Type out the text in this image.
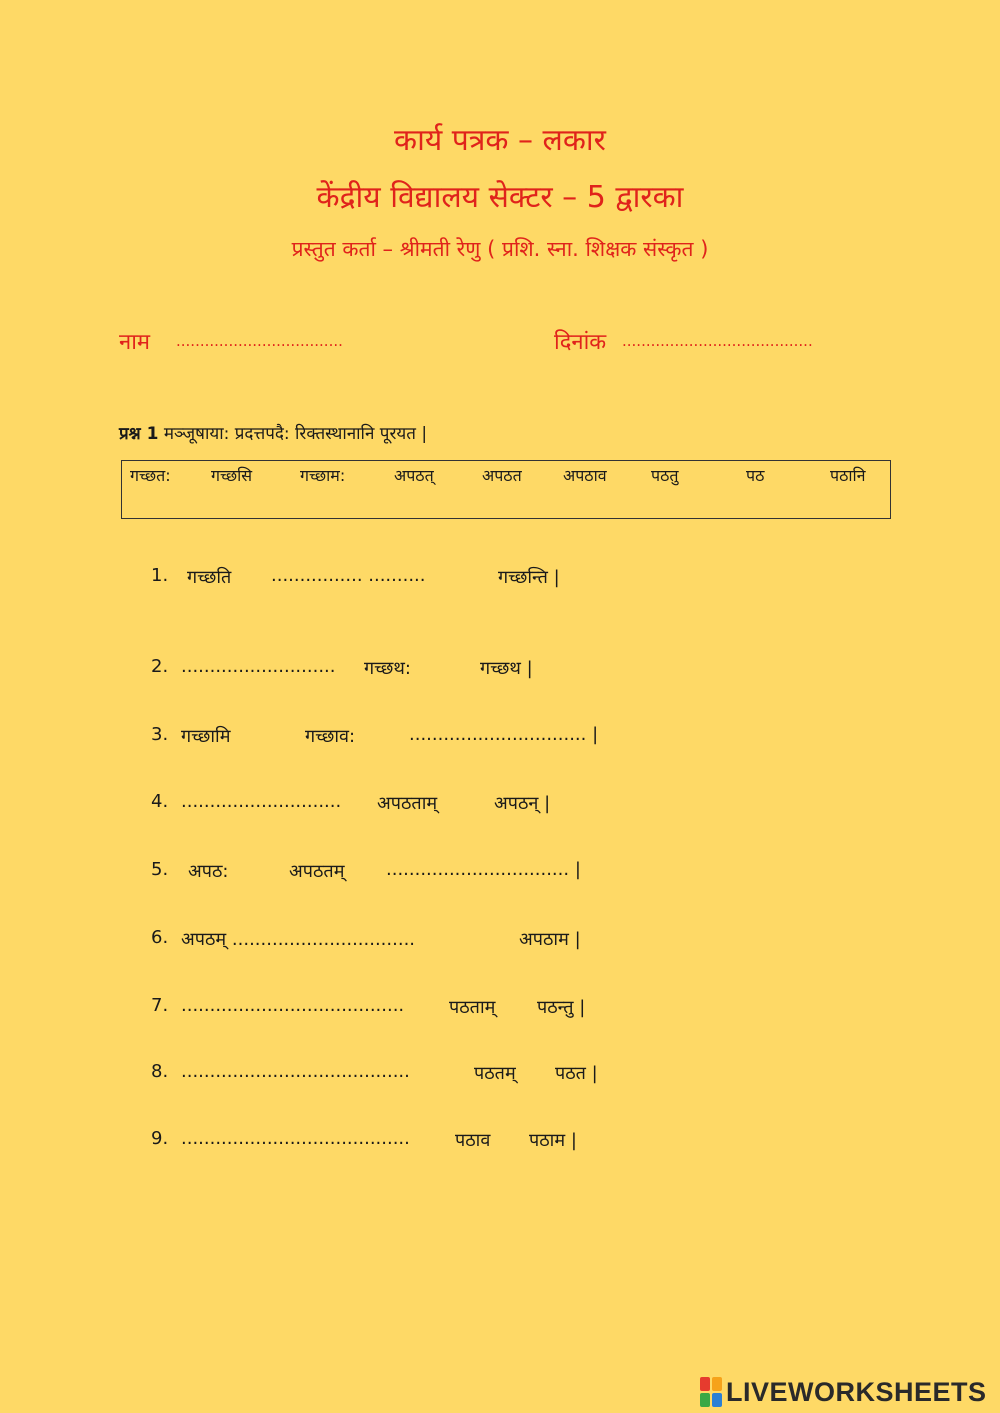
कार्य पत्रक – लकार
केंद्रीय विद्यालय सेक्टर – 5 द्वारका
प्रस्तुत कर्ता – श्रीमती रेणु ( प्रशि. स्ना. शिक्षक संस्कृत )
नाम ...................................	दिनांक ........................................
प्रश्न 1 मञ्जूषाया: प्रदत्तपदै: रिक्तस्थानानि पूरयत |
गच्छत:	गच्छसि	गच्छाम:	अपठत्	अपठत	अपठाव	पठतु	पठ	पठानि
1. गच्छति ................ ..........	गच्छन्ति |
2. ........................... गच्छथ:	गच्छथ |
3. गच्छामि	गच्छाव:	............................... |
4. ............................ अपठताम्	अपठन् |
5. अपठ:	अपठतम् ................................ |
6. अपठम् ................................	अपठाम |
7. ....................................... पठताम् पठन्तु |
8. ........................................	पठतम् पठत |
9. ........................................	पठाव पठाम |
LIVEWORKSHEETS
